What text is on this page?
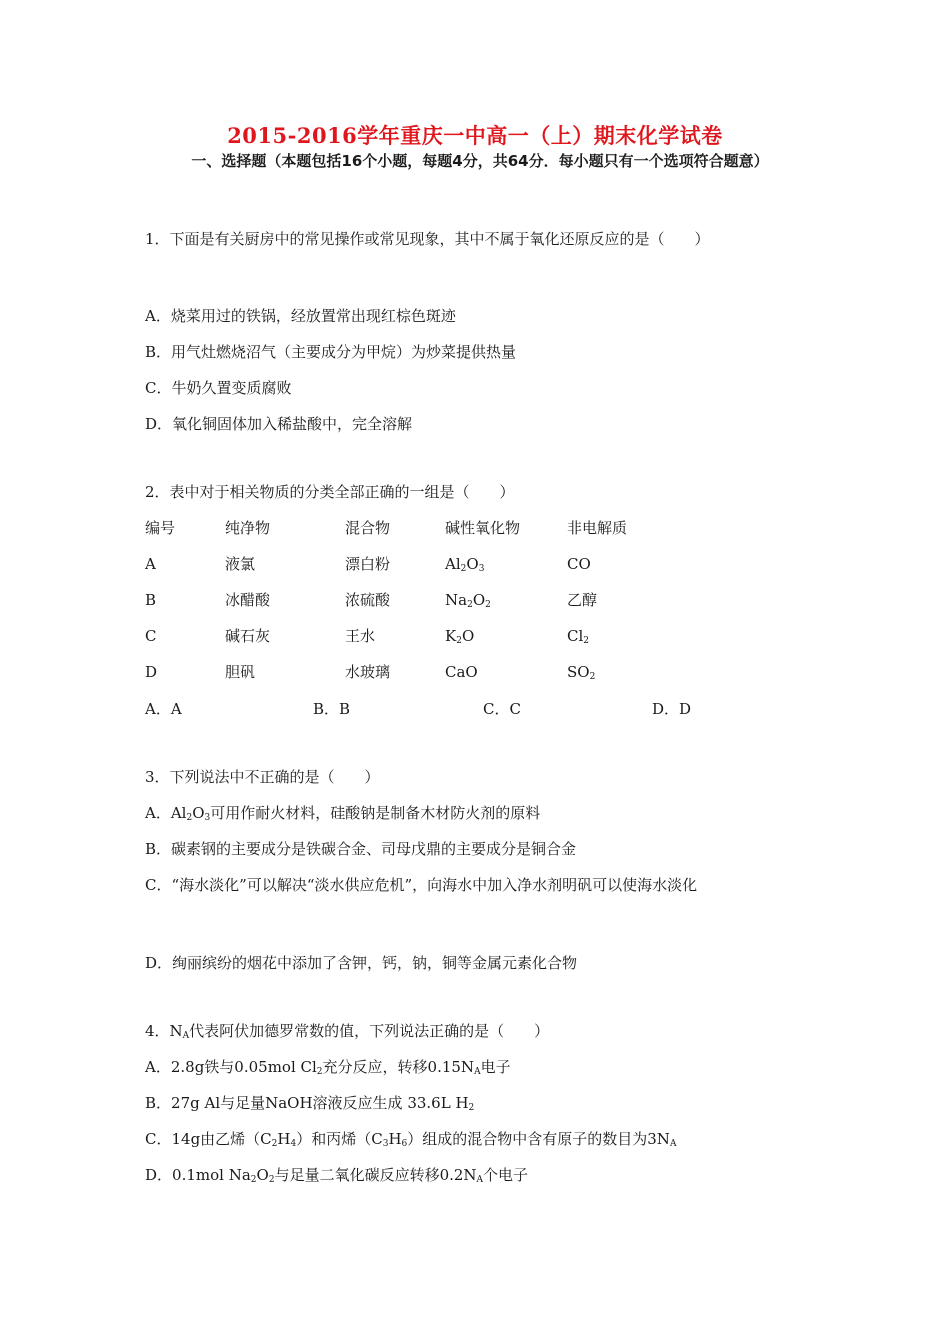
2015-2016学年重庆一中高一（上）期末化学试卷
一、选择题（本题包括16个小题，每题4分，共64分．每小题只有一个选项符合题意）
1．下面是有关厨房中的常见操作或常见现象，其中不属于氧化还原反应的是（　　）
A．烧菜用过的铁锅，经放置常出现红棕色斑迹
B．用气灶燃烧沼气（主要成分为甲烷）为炒菜提供热量
C．牛奶久置变质腐败
D．氧化铜固体加入稀盐酸中，完全溶解
2．表中对于相关物质的分类全部正确的一组是（　　）
编号	纯净物	混合物	碱性氧化物	非电解质
A	液氯	漂白粉	$Al_2O_3$	CO
B	冰醋酸	浓硫酸	$Na_2O_2$	乙醇
C	碱石灰	王水	$K_2O$	$Cl_2$
D	胆矾	水玻璃	CaO	$SO_2$
A．A	B．B	C．C	D．D
3．下列说法中不正确的是（　　）
A．$Al_2O_3$可用作耐火材料，硅酸钠是制备木材防火剂的原料
B．碳素钢的主要成分是铁碳合金、司母戊鼎的主要成分是铜合金
C．“海水淡化”可以解决“淡水供应危机”，向海水中加入净水剂明矾可以使海水淡化
D．绚丽缤纷的烟花中添加了含钾，钙，钠，铜等金属元素化合物
4．$N_A$代表阿伏加德罗常数的值，下列说法正确的是（　　）
A．2.8g铁与0.05mol $Cl_2$充分反应，转移$0.15N_A$电子
B．27g Al与足量NaOH溶液反应生成 33.6L $H_2$
C．14g由乙烯$(C_2H_4)$和丙烯$(C_3H_6)$组成的混合物中含有原子的数目为$3N_A$
D．0.1mol $Na_2O_2$与足量二氧化碳反应转移$0.2N_A$个电子
